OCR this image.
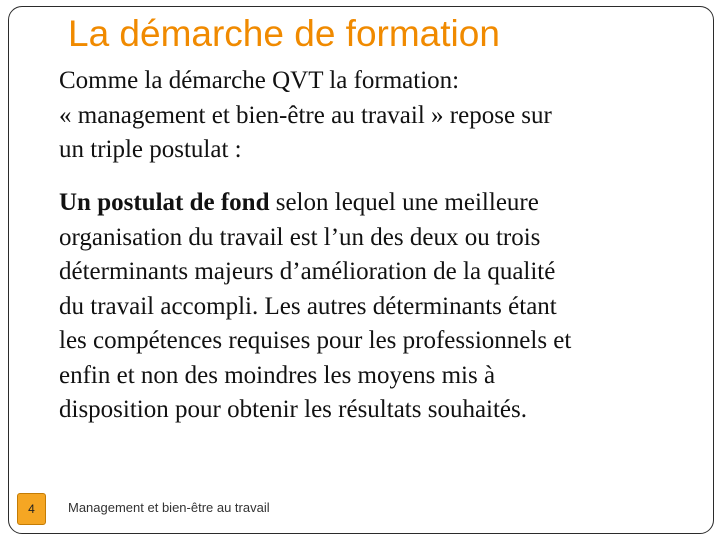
La démarche de formation

Comme la démarche QVT la formation:
« management et bien-être au travail » repose sur
un triple postulat :

Un postulat de fond selon lequel une meilleure
organisation du travail est l’un des deux ou trois
déterminants majeurs d’amélioration de la qualité
du travail accompli. Les autres déterminants étant
les compétences requises pour les professionnels et
enfin et non des moindres les moyens mis à
disposition pour obtenir les résultats souhaités.

4	Management et bien-être au travail
